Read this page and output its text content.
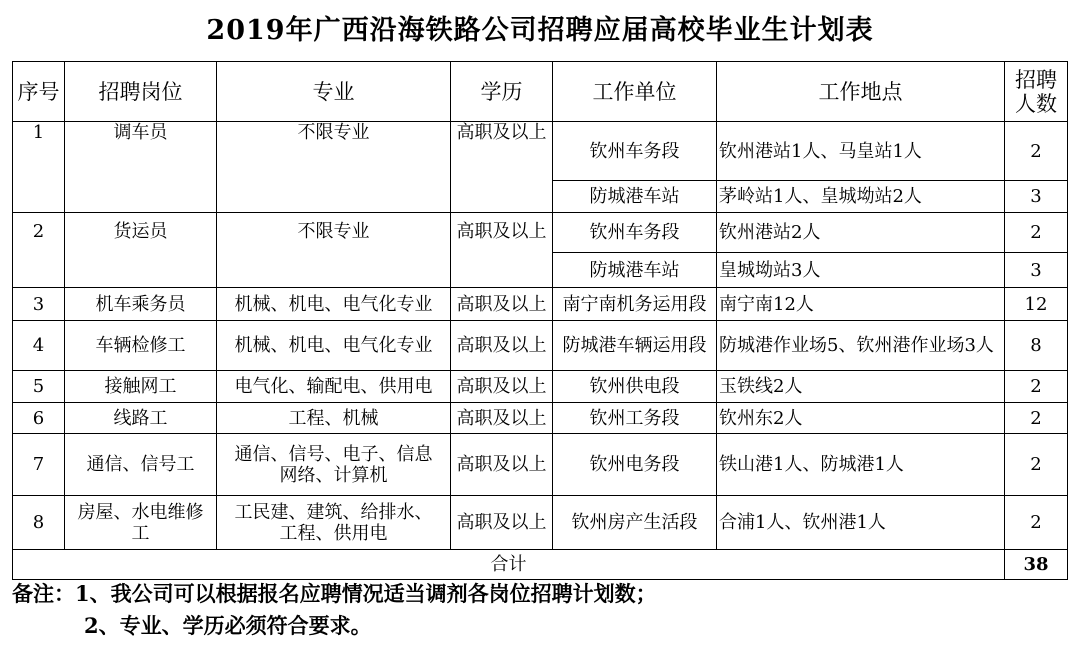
2019年广西沿海铁路公司招聘应届高校毕业生计划表
序号	招聘岗位	专业	学历	工作单位	工作地点	招聘人数
1	调车员	不限专业	高职及以上	钦州车务段	钦州港站1人、马皇站1人	2
				防城港车站	茅岭站1人、皇城坳站2人	3
2	货运员	不限专业	高职及以上	钦州车务段	钦州港站2人	2
				防城港车站	皇城坳站3人	3
3	机车乘务员	机械、机电、电气化专业	高职及以上	南宁南机务运用段	南宁南12人	12
4	车辆检修工	机械、机电、电气化专业	高职及以上	防城港车辆运用段	防城港作业场5、钦州港作业场3人	8
5	接触网工	电气化、输配电、供用电	高职及以上	钦州供电段	玉铁线2人	2
6	线路工	工程、机械	高职及以上	钦州工务段	钦州东2人	2
7	通信、信号工	通信、信号、电子、信息网络、计算机	高职及以上	钦州电务段	铁山港1人、防城港1人	2
8	房屋、水电维修工	工民建、建筑、给排水、工程、供用电	高职及以上	钦州房产生活段	合浦1人、钦州港1人	2
合计						38
备注：1、我公司可以根据报名应聘情况适当调剂各岗位招聘计划数；
2、专业、学历必须符合要求。
